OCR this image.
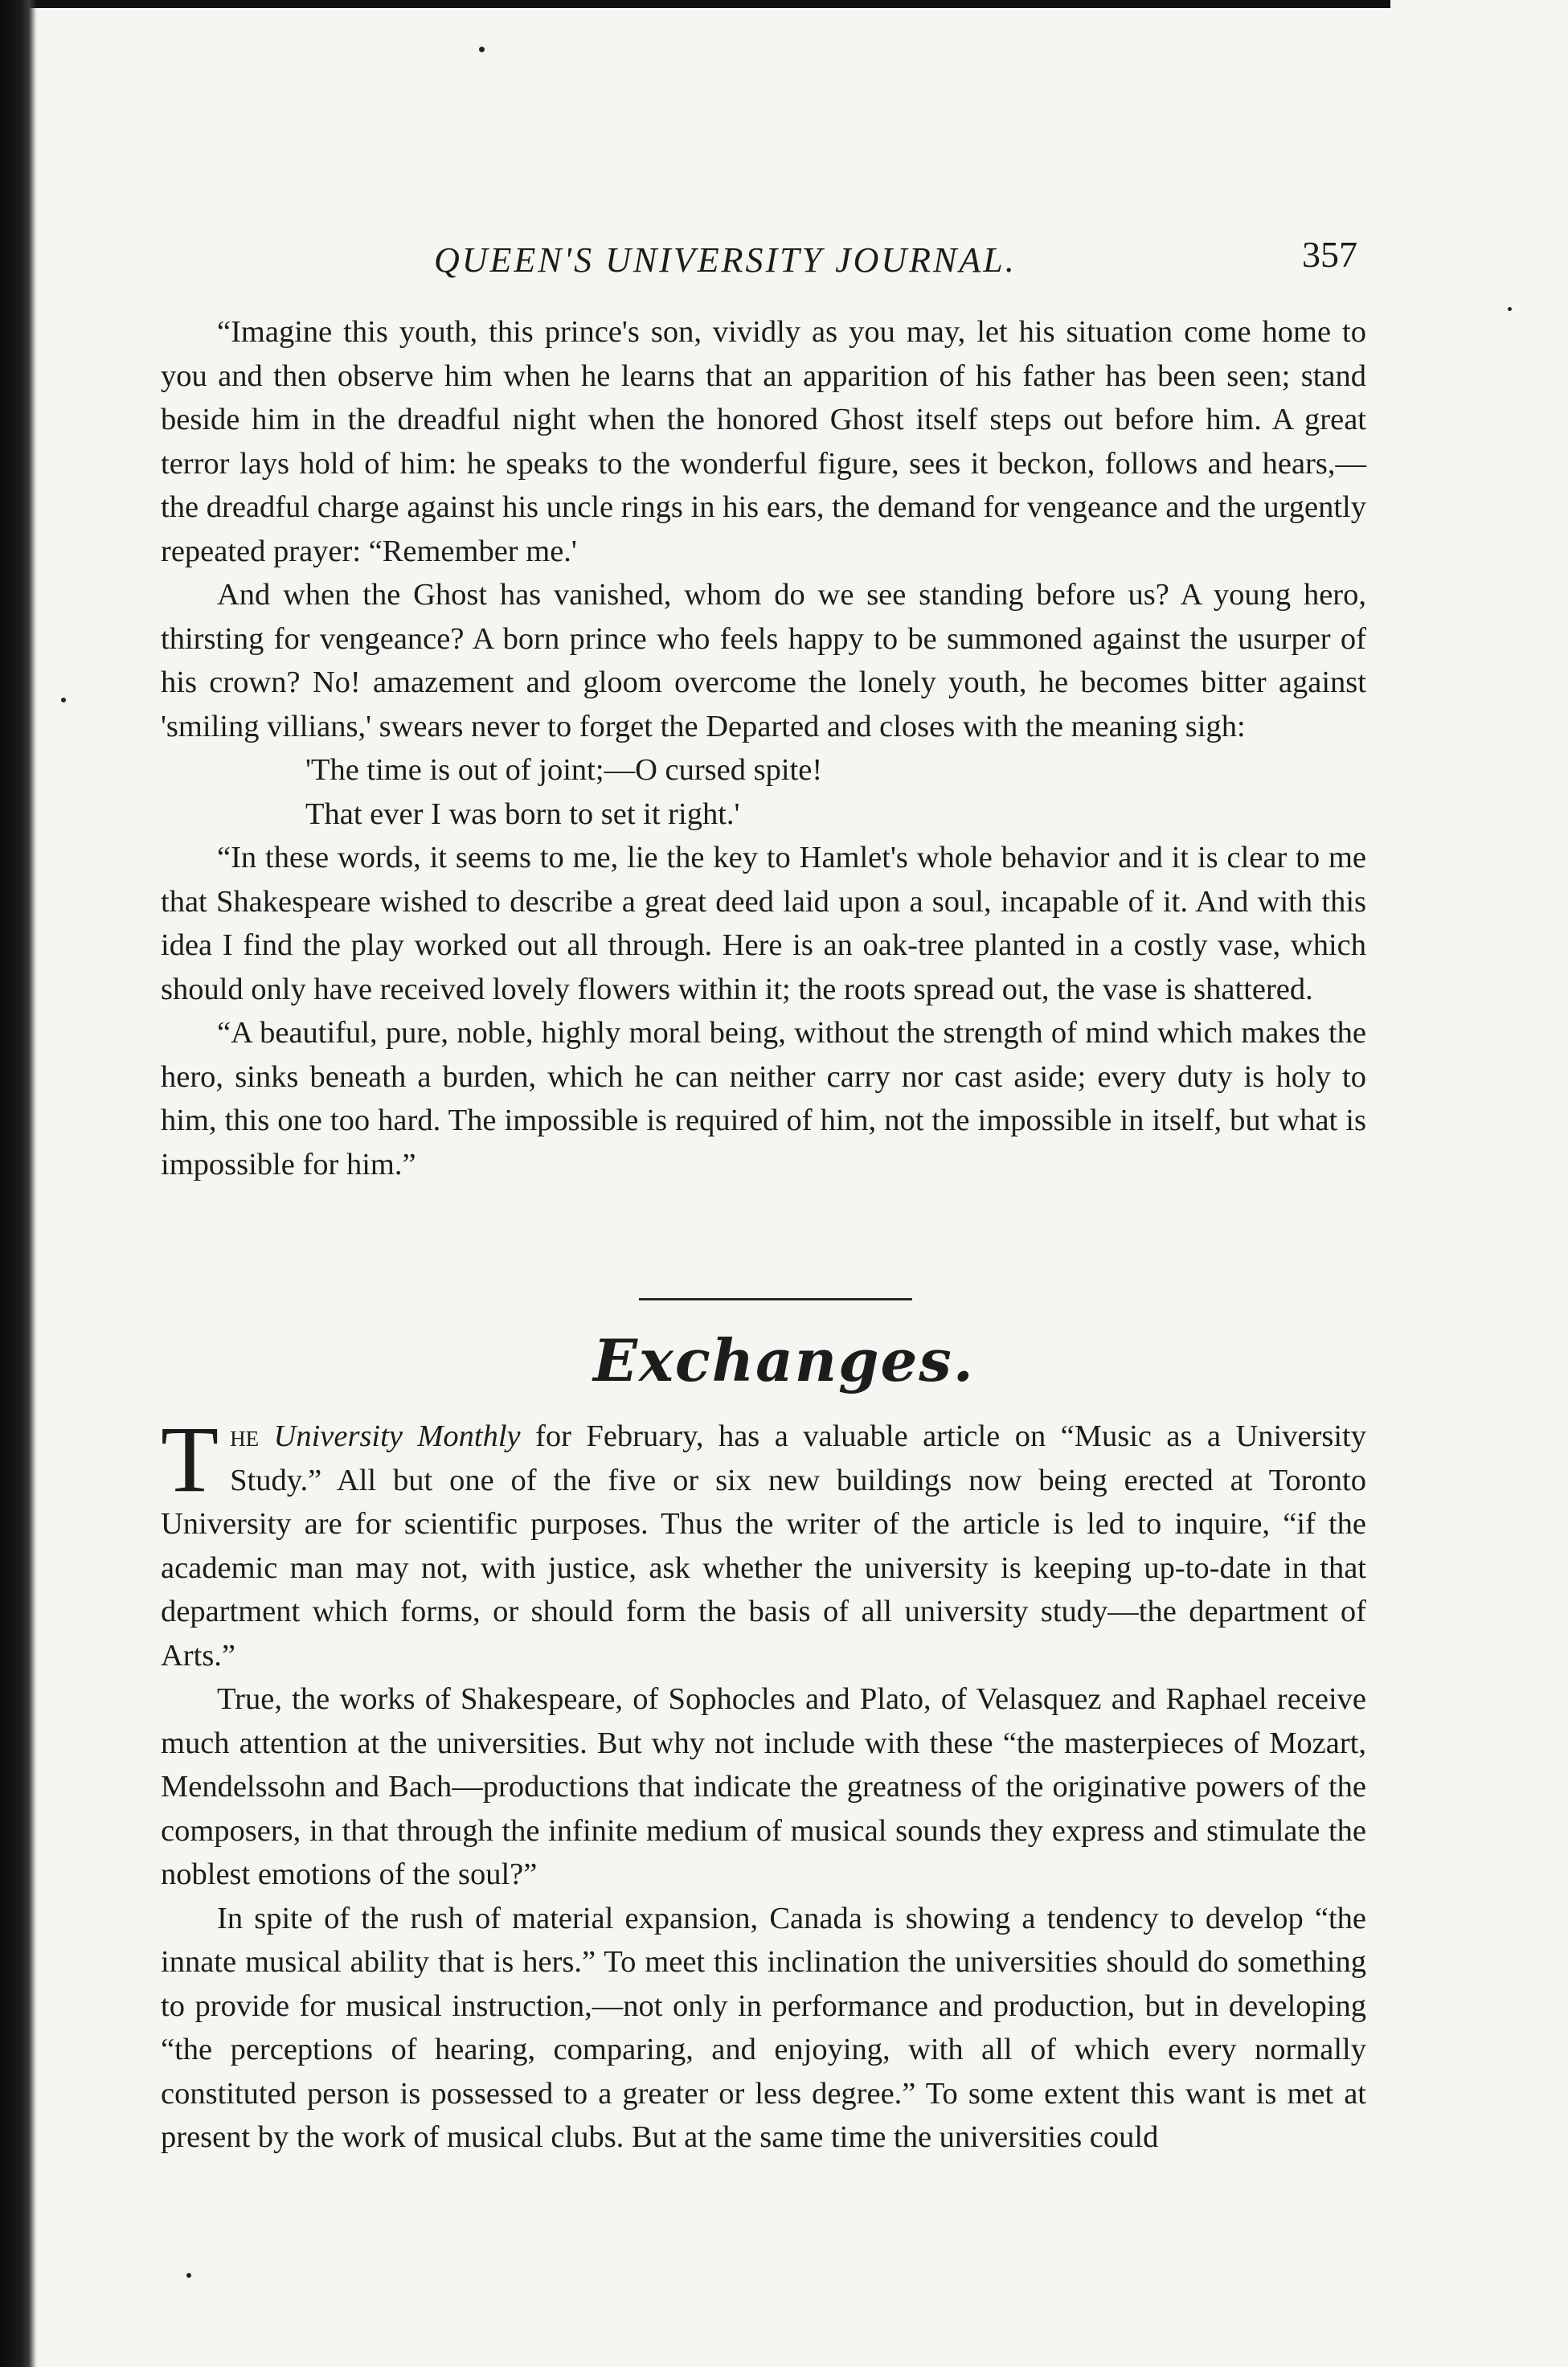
QUEEN'S UNIVERSITY JOURNAL.	357

“Imagine this youth, this prince's son, vividly as you may, let his situation come home to you and then observe him when he learns that an apparition of his father has been seen; stand beside him in the dreadful night when the honored Ghost itself steps out before him. A great terror lays hold of him: he speaks to the wonderful figure, sees it beckon, follows and hears,—the dreadful charge against his uncle rings in his ears, the demand for vengeance and the urgently repeated prayer: “Remember me.'

And when the Ghost has vanished, whom do we see standing before us? A young hero, thirsting for vengeance? A born prince who feels happy to be summoned against the usurper of his crown? No! amazement and gloom overcome the lonely youth, he becomes bitter against 'smiling villians,' swears never to forget the Departed and closes with the meaning sigh:

'The time is out of joint;—O cursed spite!

That ever I was born to set it right.'

“In these words, it seems to me, lie the key to Hamlet's whole behavior and it is clear to me that Shakespeare wished to describe a great deed laid upon a soul, incapable of it. And with this idea I find the play worked out all through. Here is an oak-tree planted in a costly vase, which should only have received lovely flowers within it; the roots spread out, the vase is shattered.

“A beautiful, pure, noble, highly moral being, without the strength of mind which makes the hero, sinks beneath a burden, which he can neither carry nor cast aside; every duty is holy to him, this one too hard. The impossible is required of him, not the impossible in itself, but what is impossible for him.”

Exchanges.

The University Monthly for February, has a valuable article on “Music as a University Study.” All but one of the five or six new buildings now being erected at Toronto University are for scientific purposes. Thus the writer of the article is led to inquire, “if the academic man may not, with justice, ask whether the university is keeping up-to-date in that department which forms, or should form the basis of all university study—the department of Arts.”

True, the works of Shakespeare, of Sophocles and Plato, of Velasquez and Raphael receive much attention at the universities. But why not include with these “the masterpieces of Mozart, Mendelssohn and Bach—productions that indicate the greatness of the originative powers of the composers, in that through the infinite medium of musical sounds they express and stimulate the noblest emotions of the soul?”

In spite of the rush of material expansion, Canada is showing a tendency to develop “the innate musical ability that is hers.” To meet this inclination the universities should do something to provide for musical instruction,—not only in performance and production, but in developing “the perceptions of hearing, comparing, and enjoying, with all of which every normally constituted person is possessed to a greater or less degree.” To some extent this want is met at present by the work of musical clubs. But at the same time the universities could
